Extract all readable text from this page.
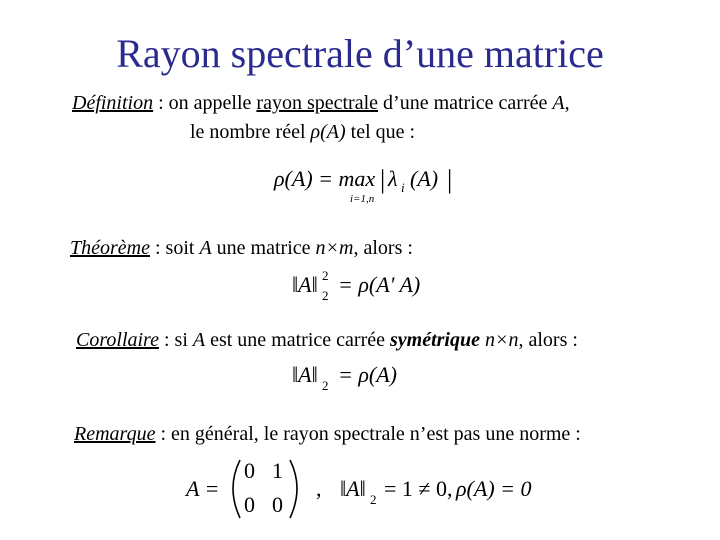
Rayon spectrale d’une matrice
Définition : on appelle rayon spectrale d’une matrice carrée A,
le nombre réel ρ(A) tel que :
ρ(A) = max
i=1,n
| λ i (A) |
Théorème : soit A une matrice n×m, alors :
‖A‖ 2
2 = ρ(A' A)
Corollaire : si A est une matrice carrée symétrique n×n, alors :
‖A‖ 2 = ρ(A)
Remarque : en général, le rayon spectrale n’est pas une norme :
A =
0 1
0 0
, ‖A‖ 2 = 1 ≠ 0, ρ(A) = 0
